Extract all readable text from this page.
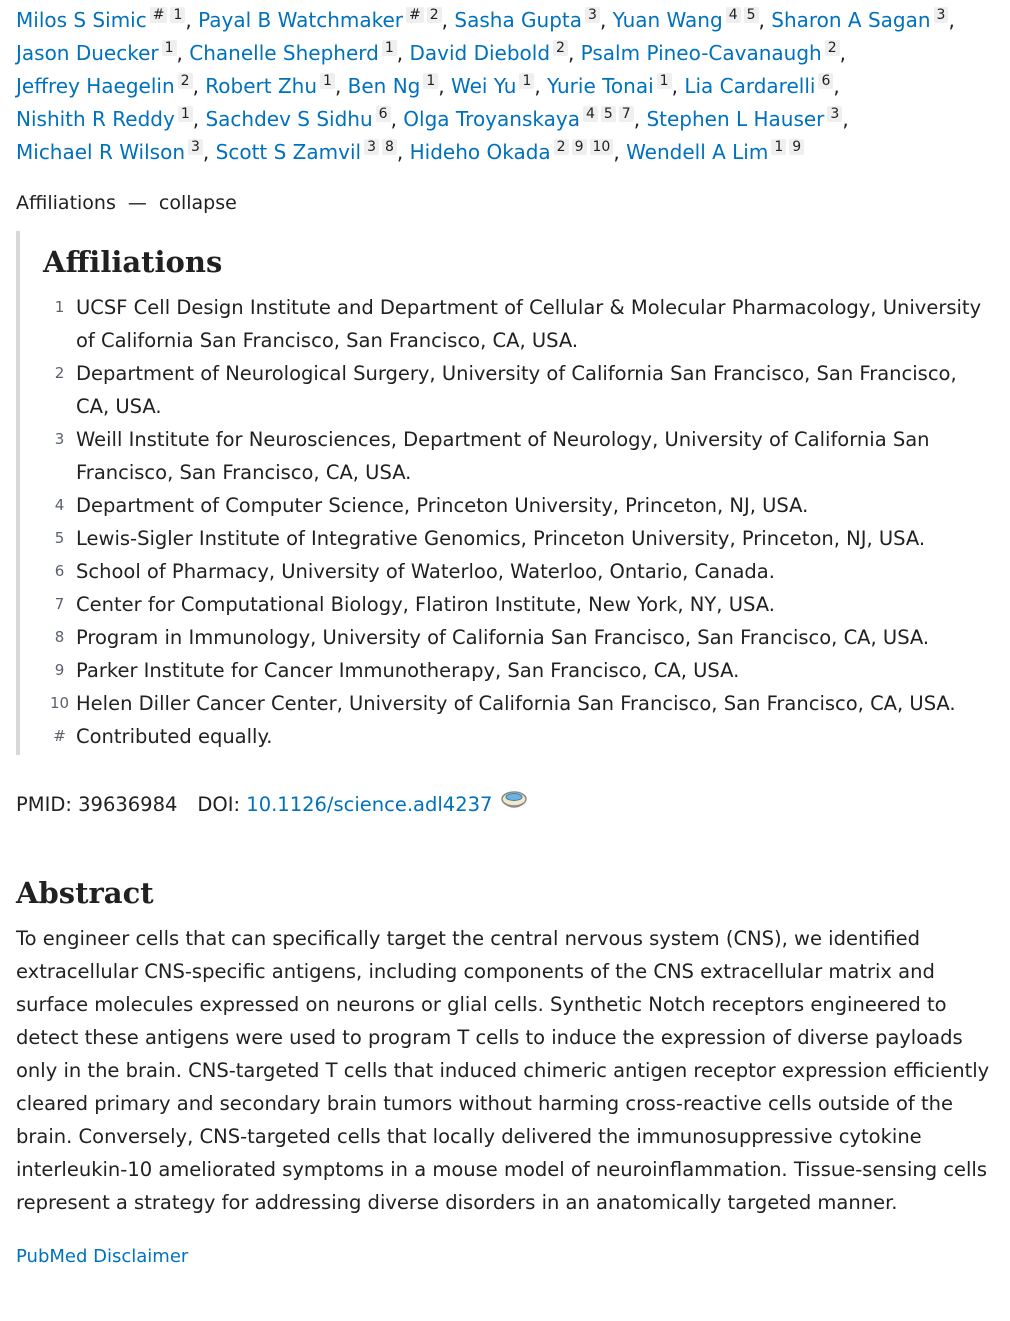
Milos S Simic # 1 , Payal B Watchmaker # 2 , Sasha Gupta 3 , Yuan Wang 4 5 , Sharon A Sagan 3 ,
Jason Duecker 1 , Chanelle Shepherd 1 , David Diebold 2 , Psalm Pineo-Cavanaugh 2 ,
Jeffrey Haegelin 2 , Robert Zhu 1 , Ben Ng 1 , Wei Yu 1 , Yurie Tonai 1 , Lia Cardarelli 6 ,
Nishith R Reddy 1 , Sachdev S Sidhu 6 , Olga Troyanskaya 4 5 7 , Stephen L Hauser 3 ,
Michael R Wilson 3 , Scott S Zamvil 3 8 , Hideho Okada 2 9 10 , Wendell A Lim 1 9
Affiliations — collapse
Affiliations
1 UCSF Cell Design Institute and Department of Cellular & Molecular Pharmacology, University of California San Francisco, San Francisco, CA, USA.
2 Department of Neurological Surgery, University of California San Francisco, San Francisco, CA, USA.
3 Weill Institute for Neurosciences, Department of Neurology, University of California San Francisco, San Francisco, CA, USA.
4 Department of Computer Science, Princeton University, Princeton, NJ, USA.
5 Lewis-Sigler Institute of Integrative Genomics, Princeton University, Princeton, NJ, USA.
6 School of Pharmacy, University of Waterloo, Waterloo, Ontario, Canada.
7 Center for Computational Biology, Flatiron Institute, New York, NY, USA.
8 Program in Immunology, University of California San Francisco, San Francisco, CA, USA.
9 Parker Institute for Cancer Immunotherapy, San Francisco, CA, USA.
10 Helen Diller Cancer Center, University of California San Francisco, San Francisco, CA, USA.
# Contributed equally.
PMID:
39636984 DOI:
10.1126/science.adl4237
Abstract

To engineer cells that can specifically target the central nervous system (CNS), we identified extracellular CNS-specific antigens, including components of the CNS extracellular matrix and surface molecules expressed on neurons or glial cells. Synthetic Notch receptors engineered to detect these antigens were used to program T cells to induce the expression of diverse payloads only in the brain. CNS-targeted T cells that induced chimeric antigen receptor expression efficiently cleared primary and secondary brain tumors without harming cross-reactive cells outside of the brain. Conversely, CNS-targeted cells that locally delivered the immunosuppressive cytokine interleukin-10 ameliorated symptoms in a mouse model of neuroinflammation. Tissue-sensing cells represent a strategy for addressing diverse disorders in an anatomically targeted manner.

PubMed Disclaimer
